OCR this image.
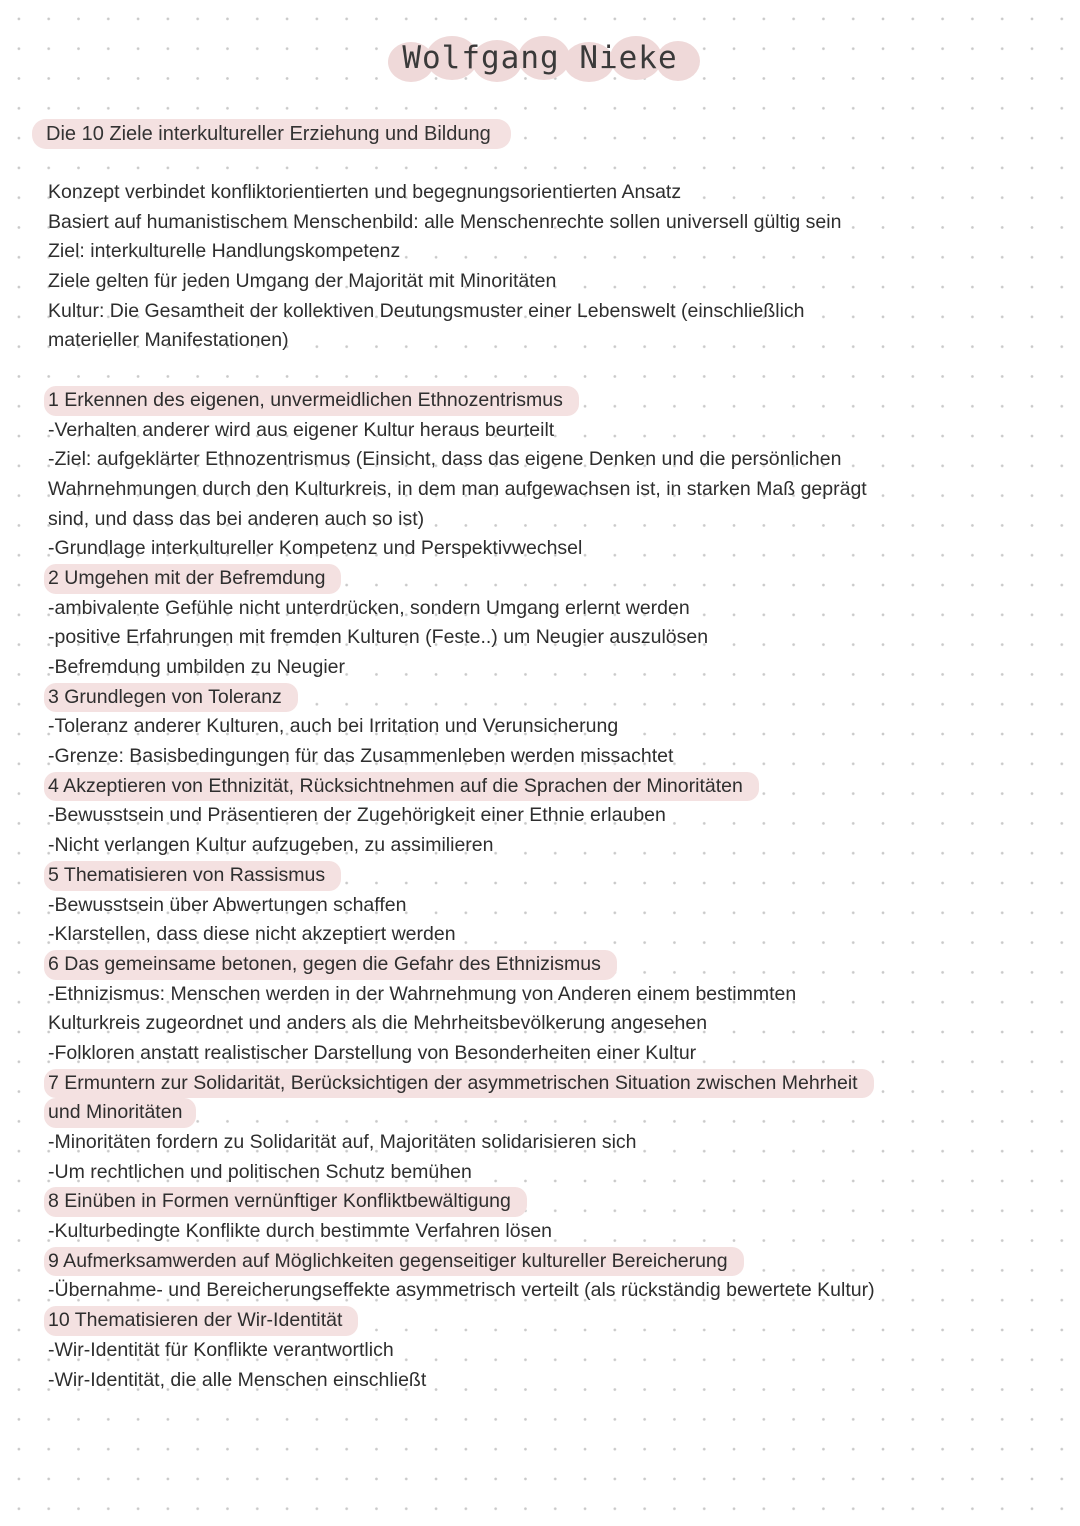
Wolfgang Nieke
Die 10 Ziele interkultureller Erziehung und Bildung
Konzept verbindet konfliktorientierten und begegnungsorientierten Ansatz
Basiert auf humanistischem Menschenbild: alle Menschenrechte sollen universell gültig sein
Ziel: interkulturelle Handlungskompetenz
Ziele gelten für jeden Umgang der Majorität mit Minoritäten
Kultur: Die Gesamtheit der kollektiven Deutungsmuster einer Lebenswelt (einschließlich
materieller Manifestationen)
1 Erkennen des eigenen, unvermeidlichen Ethnozentrismus
-Verhalten anderer wird aus eigener Kultur heraus beurteilt
-Ziel: aufgeklärter Ethnozentrismus (Einsicht, dass das eigene Denken und die persönlichen
Wahrnehmungen durch den Kulturkreis, in dem man aufgewachsen ist, in starken Maß geprägt
sind, und dass das bei anderen auch so ist)
-Grundlage interkultureller Kompetenz und Perspektivwechsel
2 Umgehen mit der Befremdung
-ambivalente Gefühle nicht unterdrücken, sondern Umgang erlernt werden
-positive Erfahrungen mit fremden Kulturen (Feste..) um Neugier auszulösen
-Befremdung umbilden zu Neugier
3 Grundlegen von Toleranz
-Toleranz anderer Kulturen, auch bei Irritation und Verunsicherung
-Grenze: Basisbedingungen für das Zusammenleben werden missachtet
4 Akzeptieren von Ethnizität, Rücksichtnehmen auf die Sprachen der Minoritäten
-Bewusstsein und Präsentieren der Zugehörigkeit einer Ethnie erlauben
-Nicht verlangen Kultur aufzugeben, zu assimilieren
5 Thematisieren von Rassismus
-Bewusstsein über Abwertungen schaffen
-Klarstellen, dass diese nicht akzeptiert werden
6 Das gemeinsame betonen, gegen die Gefahr des Ethnizismus
-Ethnizismus: Menschen werden in der Wahrnehmung von Anderen einem bestimmten
Kulturkreis zugeordnet und anders als die Mehrheitsbevölkerung angesehen
-Folkloren anstatt realistischer Darstellung von Besonderheiten einer Kultur
7 Ermuntern zur Solidarität, Berücksichtigen der asymmetrischen Situation zwischen Mehrheit
und Minoritäten
-Minoritäten fordern zu Solidarität auf, Majoritäten solidarisieren sich
-Um rechtlichen und politischen Schutz bemühen
8 Einüben in Formen vernünftiger Konfliktbewältigung
-Kulturbedingte Konflikte durch bestimmte Verfahren lösen
9 Aufmerksamwerden auf Möglichkeiten gegenseitiger kultureller Bereicherung
-Übernahme- und Bereicherungseffekte asymmetrisch verteilt (als rückständig bewertete Kultur)
10 Thematisieren der Wir-Identität
-Wir-Identität für Konflikte verantwortlich
-Wir-Identität, die alle Menschen einschließt
